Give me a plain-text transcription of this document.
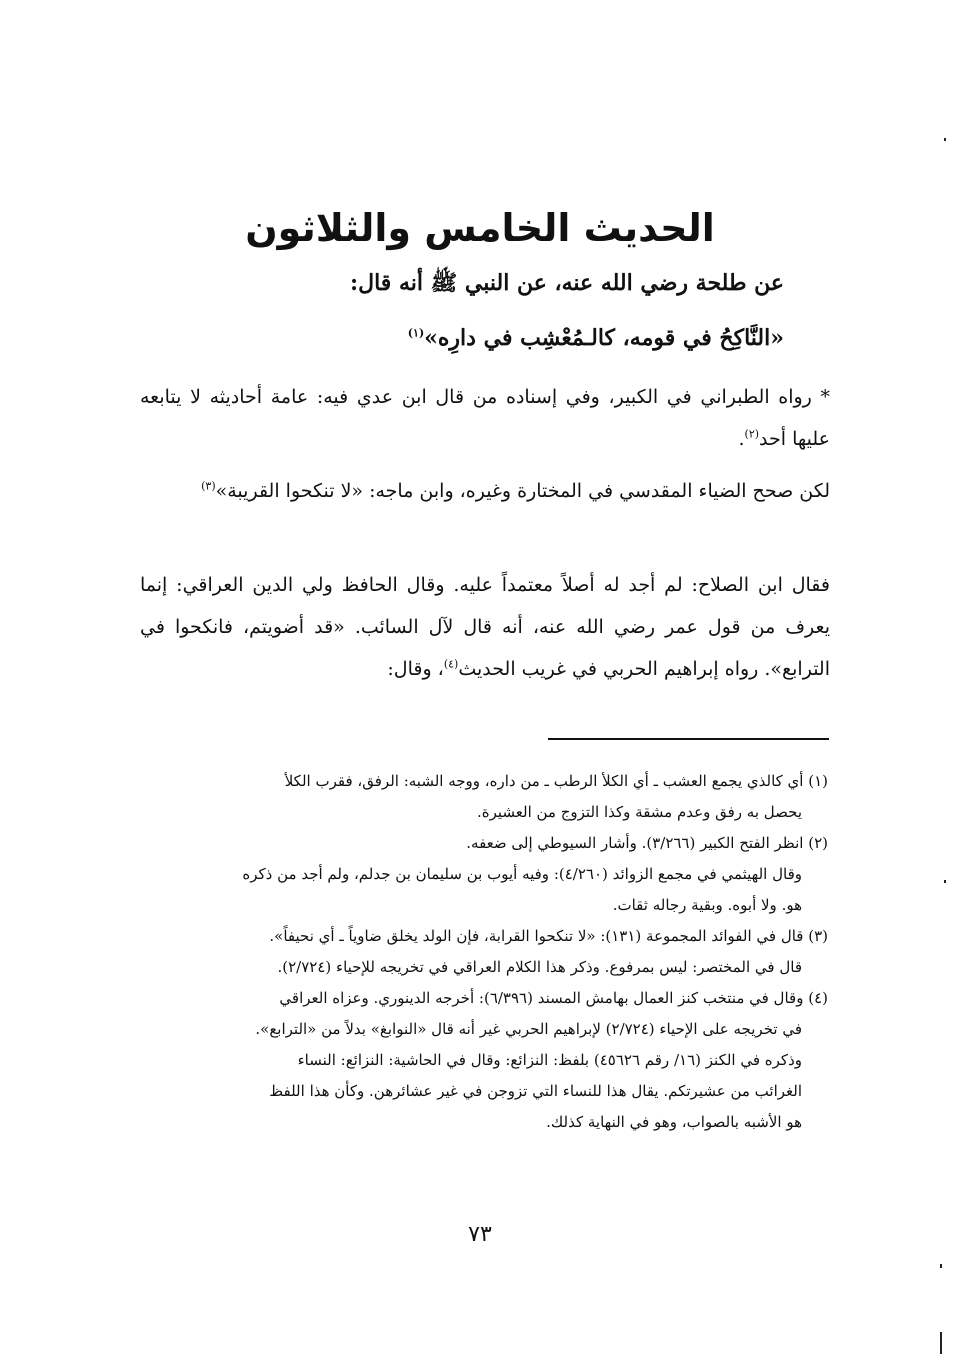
الحديث الخامس والثلاثون
عن طلحة رضي الله عنه، عن النبي ﷺ أنه قال:
«النَّاكِحُ في قومه، كالـمُعْشِب في دارِه»$^{(١)}$
* رواه الطبراني في الكبير، وفي إسناده من قال ابن عدي فيه: عامة أحاديثه لا يتابعه عليها أحد$^{(٢)}$.
لكن صحح الضياء المقدسي في المختارة وغيره، وابن ماجه: «لا تنكحوا القريبة»$^{(٣)}$
فقال ابن الصلاح: لم أجد له أصلاً معتمداً عليه. وقال الحافظ ولي الدين العراقي: إنما يعرف من قول عمر رضي الله عنه، أنه قال لآل السائب. «قد أضويتم، فانكحوا في الترابع». رواه إبراهيم الحربي في غريب الحديث$^{(٤)}$، وقال:
(١) أي كالذي يجمع العشب ـ أي الكلأ الرطب ـ من داره، ووجه الشبه: الرفق، فقرب الكلأ
يحصل به رفق وعدم مشقة وكذا التزوج من العشيرة.
(٢) انظر الفتح الكبير (٣/٢٦٦). وأشار السيوطي إلى ضعفه.
وقال الهيثمي في مجمع الزوائد (٤/٢٦٠): وفيه أيوب بن سليمان بن جدلم، ولم أجد من ذكره
هو. ولا أبوه. وبقية رجاله ثقات.
(٣) قال في الفوائد المجموعة (١٣١): «لا تنكحوا القرابة، فإن الولد يخلق ضاوياً ـ أي نحيفاً».
قال في المختصر: ليس بمرفوع. وذكر هذا الكلام العراقي في تخريجه للإحياء (٢/٧٢٤).
(٤) وقال في منتخب كنز العمال بهامش المسند (٦/٣٩٦): أخرجه الدينوري. وعزاه العراقي
في تخريجه على الإحياء (٢/٧٢٤) لإبراهيم الحربي غير أنه قال «النوابغ» بدلاً من «الترابع».
وذكره في الكنز (١٦/ رقم ٤٥٦٢٦) بلفظ: النزائع: وقال في الحاشية: النزائع: النساء
الغرائب من عشيرتكم. يقال هذا للنساء التي تزوجن في غير عشائرهن. وكأن هذا اللفظ
هو الأشبه بالصواب، وهو في النهاية كذلك.
٧٣
